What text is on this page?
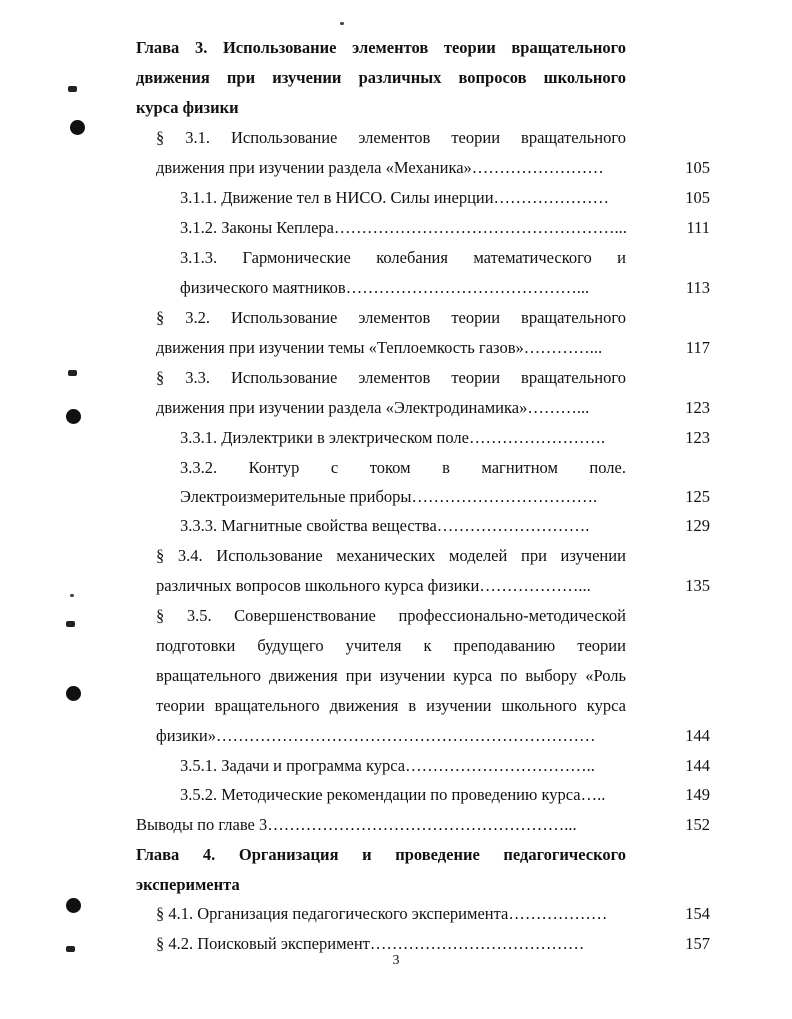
Глава 3. Использование элементов теории вращательного
движения при изучении различных вопросов школьного
курса физики
§ 3.1. Использование элементов теории вращательного
движения при изучении раздела «Механика»……………………	105
3.1.1. Движение тел в НИСО. Силы инерции…………………	105
3.1.2. Законы Кеплера……………………………………………...	111
3.1.3. Гармонические колебания математического и
физического маятников……………………………………...	113
§ 3.2. Использование элементов теории вращательного
движения при изучении темы «Теплоемкость газов»…………...	117
§ 3.3. Использование элементов теории вращательного
движения при изучении раздела «Электродинамика»………...	123
3.3.1. Диэлектрики в электрическом поле…………………….	123
3.3.2. Контур с током в магнитном поле.
Электроизмерительные приборы…………………………….	125
3.3.3. Магнитные свойства вещества……………………….	129
§ 3.4. Использование механических моделей при изучении
различных вопросов школьного курса физики………………...	135
§ 3.5. Совершенствование профессионально-методической
подготовки будущего учителя к преподаванию теории
вращательного движения при изучении курса по выбору «Роль
теории вращательного движения в изучении школьного курса
физики»……………………………………………………………	144
3.5.1. Задачи и программа курса……………………………..	144
3.5.2. Методические рекомендации по проведению курса…..	149
Выводы по главе 3………………………………………………...	152
Глава 4. Организация и проведение педагогического
эксперимента
§ 4.1. Организация педагогического эксперимента………………	154
§ 4.2. Поисковый эксперимент…………………………………	157
3
